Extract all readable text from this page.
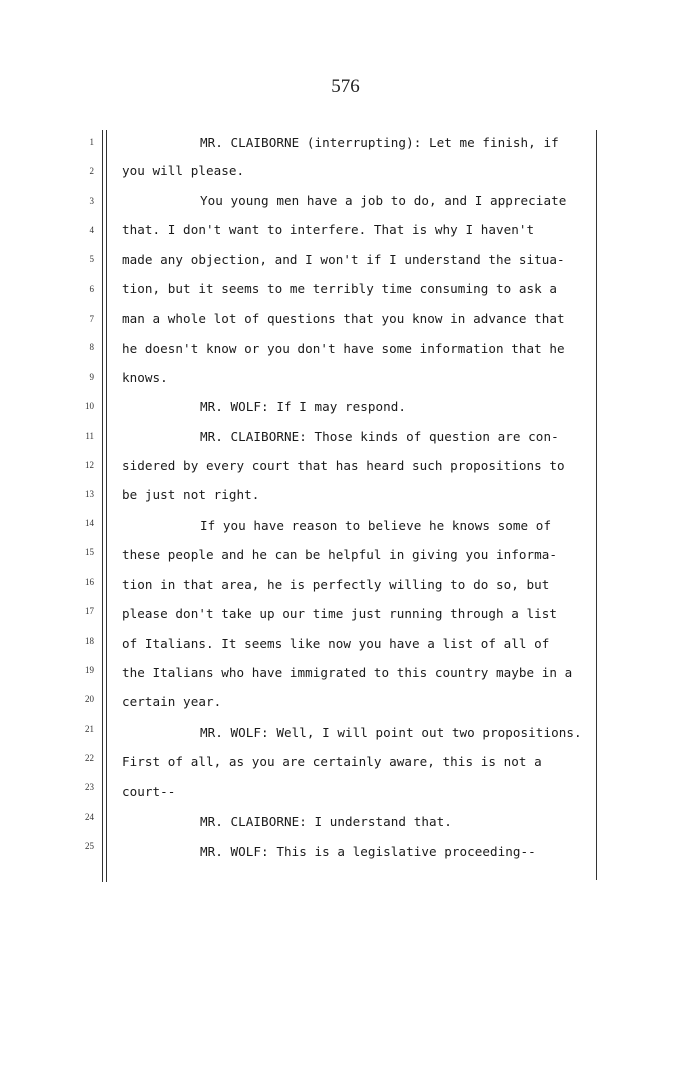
576
1
2
3
4
5
6
7
8
9
10
11
12
13
14
15
16
17
18
19
20
21
22
23
24
25
MR. CLAIBORNE (interrupting): Let me finish, if
you will please.
You young men have a job to do, and I appreciate
that. I don't want to interfere. That is why I haven't
made any objection, and I won't if I understand the situa-
tion, but it seems to me terribly time consuming to ask a
man a whole lot of questions that you know in advance that
he doesn't know or you don't have some information that he
knows.
MR. WOLF: If I may respond.
MR. CLAIBORNE: Those kinds of question are con-
sidered by every court that has heard such propositions to
be just not right.
If you have reason to believe he knows some of
these people and he can be helpful in giving you informa-
tion in that area, he is perfectly willing to do so, but
please don't take up our time just running through a list
of Italians. It seems like now you have a list of all of
the Italians who have immigrated to this country maybe in a
certain year.
MR. WOLF: Well, I will point out two propositions.
First of all, as you are certainly aware, this is not a
court--
MR. CLAIBORNE: I understand that.
MR. WOLF: This is a legislative proceeding--
